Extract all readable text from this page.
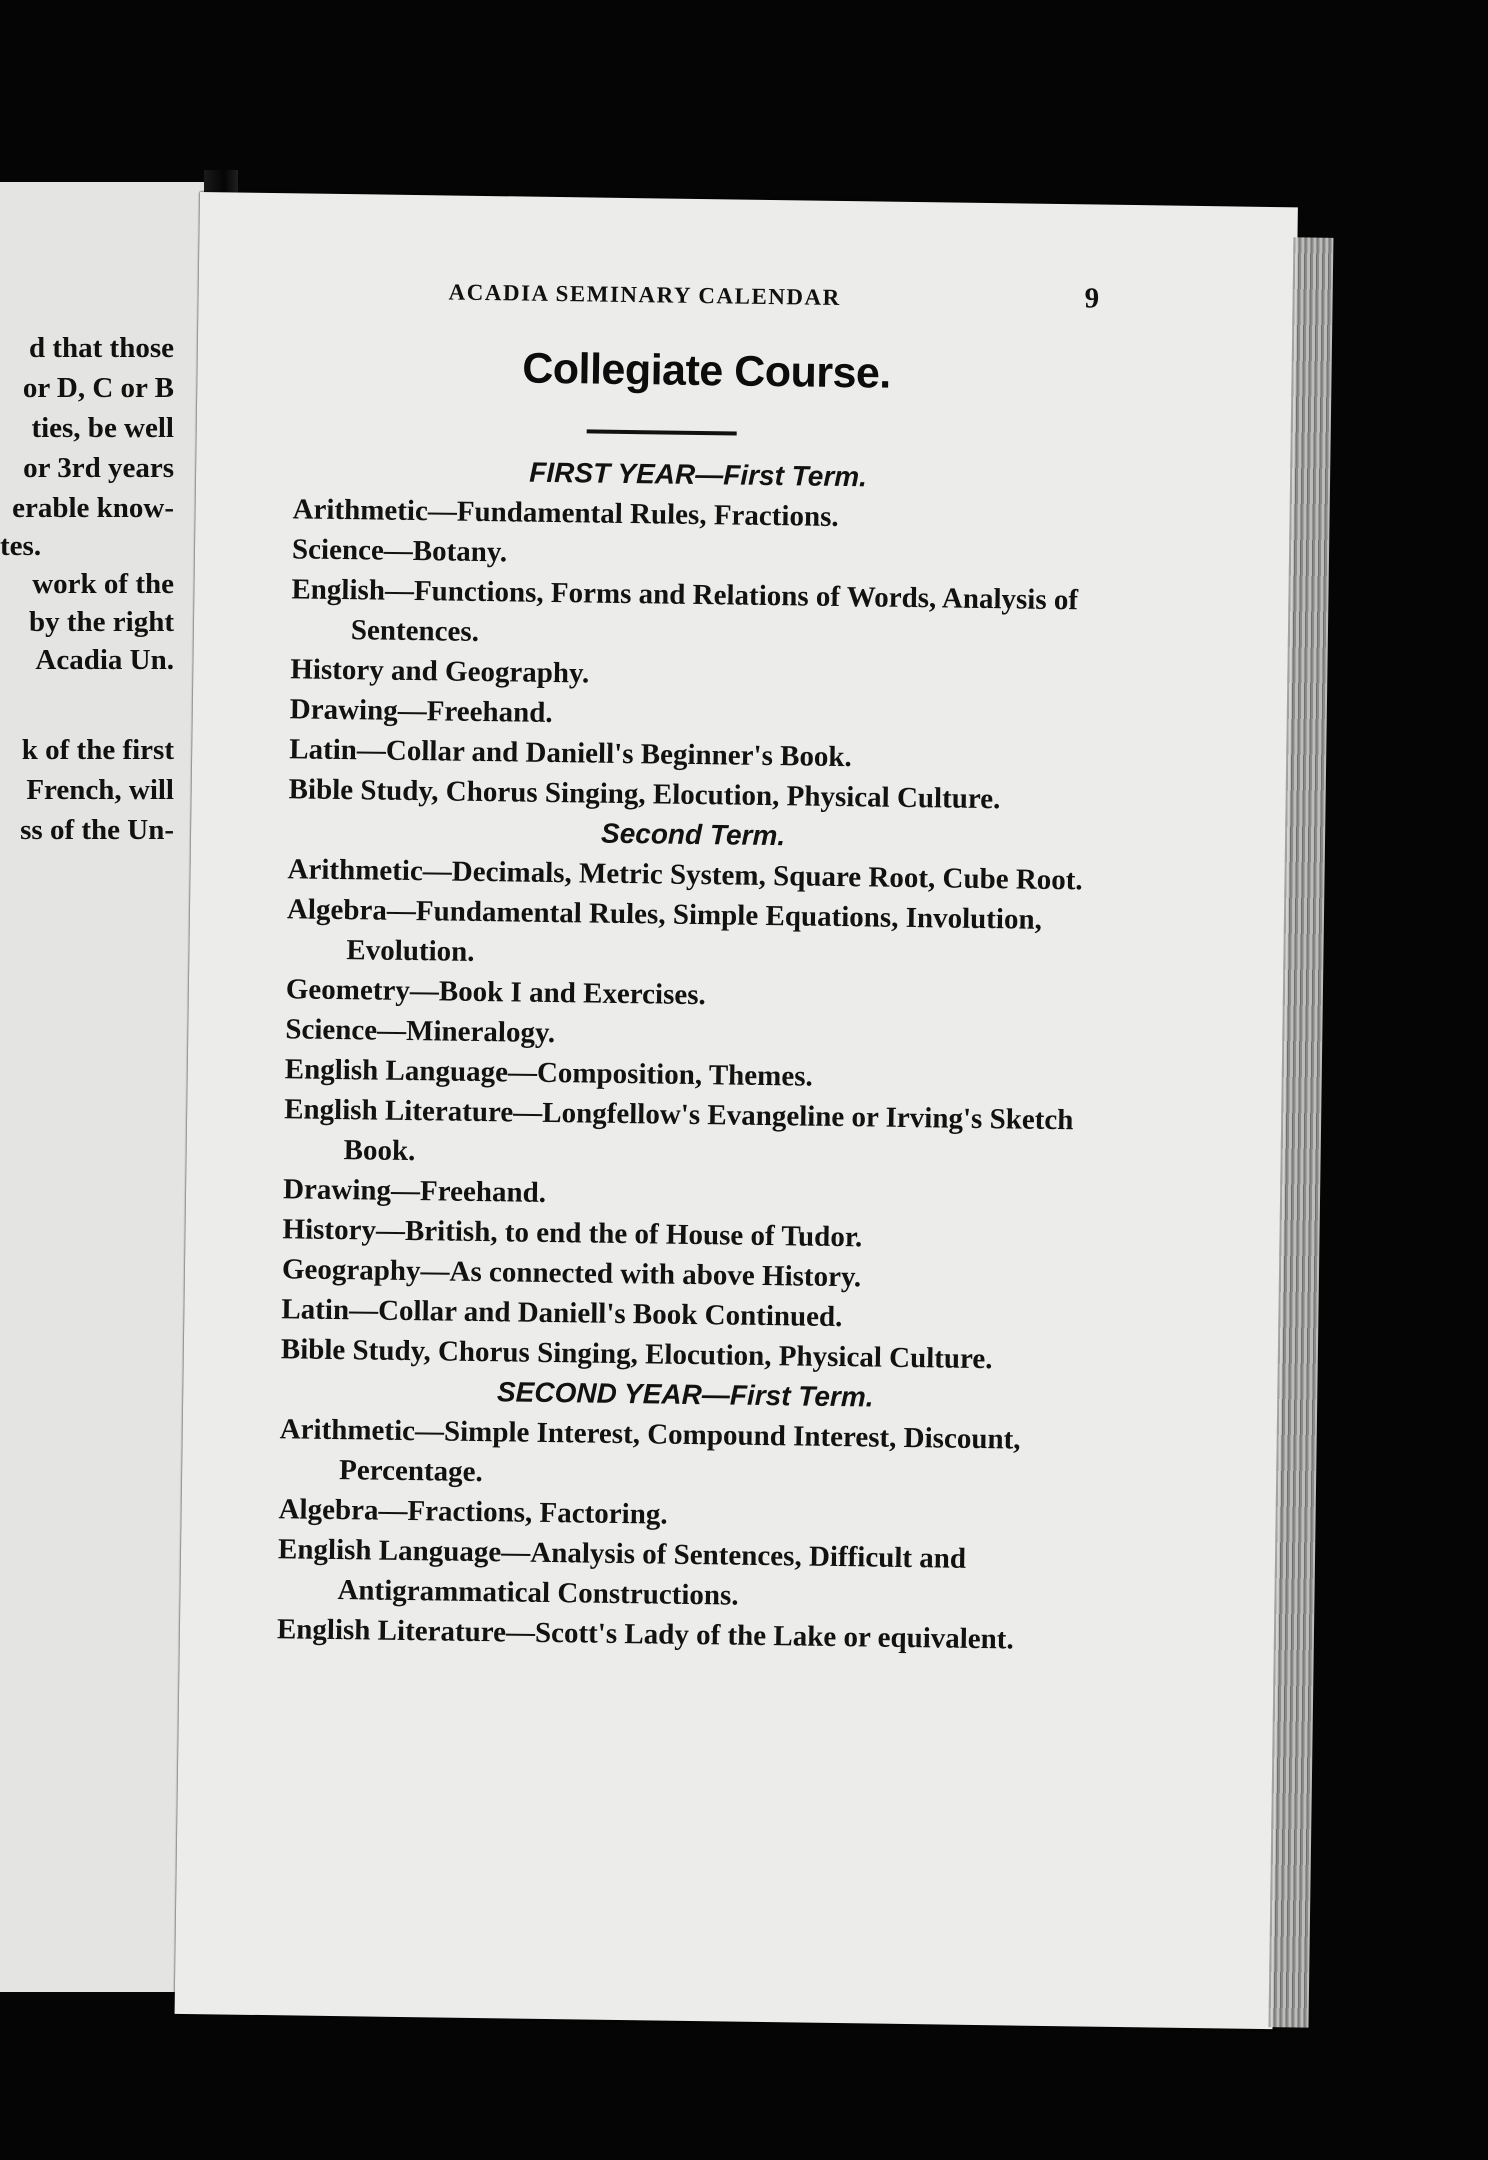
d that those
or D, C or B
ties, be well
or 3rd years
erable know-
tes.
work of the
by the right
Acadia Un.
k of the first
French, will
ss of the Un-
ACADIA SEMINARY CALENDAR	9
Collegiate Course.

FIRST YEAR—First Term.

Arithmetic—Fundamental Rules, Fractions.

Science—Botany.

English—Functions, Forms and Relations of Words, Analysis of Sentences.

History and Geography.

Drawing—Freehand.

Latin—Collar and Daniell's Beginner's Book.

Bible Study, Chorus Singing, Elocution, Physical Culture.

Second Term.

Arithmetic—Decimals, Metric System, Square Root, Cube Root.

Algebra—Fundamental Rules, Simple Equations, Involution, Evolution.

Geometry—Book I and Exercises.

Science—Mineralogy.

English Language—Composition, Themes.

English Literature—Longfellow's Evangeline or Irving's Sketch Book.

Drawing—Freehand.

History—British, to end the of House of Tudor.

Geography—As connected with above History.

Latin—Collar and Daniell's Book Continued.

Bible Study, Chorus Singing, Elocution, Physical Culture.

SECOND YEAR—First Term.

Arithmetic—Simple Interest, Compound Interest, Discount, Percentage.

Algebra—Fractions, Factoring.

English Language—Analysis of Sentences, Difficult and Antigrammatical Constructions.

English Literature—Scott's Lady of the Lake or equivalent.
